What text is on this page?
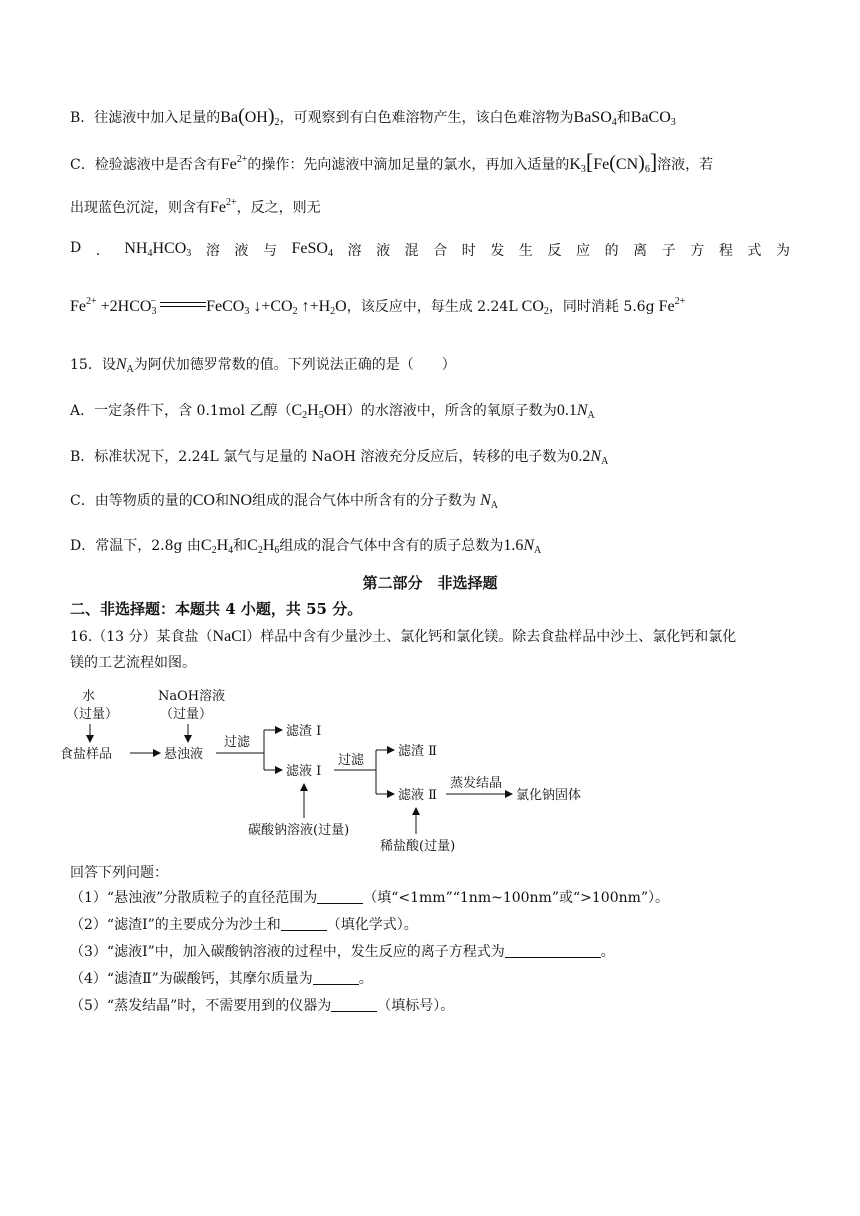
B．往滤液中加入足量的$Ba(OH)_2$，可观察到有白色难溶物产生，该白色难溶物为BaSO$_4$和BaCO$_3$
C．检验滤液中是否含有$Fe^{2+}$的操作：先向滤液中滴加足量的氯水，再加入适量的$K_3[Fe(CN)_6]$溶液，若
出现蓝色沉淀，则含有$Fe^{2+}$，反之，则无
D ． $NH_4HCO_3$ 溶 液 与 FeSO$_4$ 溶 液 混 合 时 发 生 反 应 的 离 子 方 程 式 为
$Fe^{2+} +2HCO_3^-$	FeCO$_3$ $↓+CO_2$ $↑+H_2O$，该反应中，每生成 2.24L $CO_2$，同时消耗 5.6g $Fe^{2+}$
15．设$N_A$为阿伏加德罗常数的值。下列说法正确的是（　　）
A．一定条件下，含 0.1mol 乙醇$(C_2H_5OH)$的水溶液中，所含的氧原子数为$0.1N_A$
B．标准状况下，2.24L 氯气与足量的 NaOH 溶液充分反应后，转移的电子数为$0.2N_A$
C．由等物质的量的CO和NO组成的混合气体中所含有的分子数为 $N_A$
D．常温下，2.8g 由$C_2H_4$和$C_2H_6$组成的混合气体中含有的质子总数为$1.6N_A$
第二部分　非选择题
二、非选择题：本题共 4 小题，共 55 分。
16.（13 分）某食盐（NaCl）样品中含有少量沙土、氯化钙和氯化镁。除去食盐样品中沙土、氯化钙和氯化
镁的工艺流程如图。
水
（过量）
NaOH溶液
（过量）
食盐样品	悬浊液
过滤
滤渣 Ⅰ
滤液 Ⅰ
碳酸钠溶液(过量)
过滤
滤渣 Ⅱ
滤液 Ⅱ
稀盐酸(过量)
蒸发结晶
氯化钠固体
回答下列问题：
（1）“悬浊液”分散质粒子的直径范围为	（填“<1mm”“1nm~100nm”或“>100nm”）。
（2）“滤渣Ⅰ”的主要成分为沙土和	（填化学式）。
（3）“滤液Ⅰ”中，加入碳酸钠溶液的过程中，发生反应的离子方程式为	。
（4）“滤渣Ⅱ”为碳酸钙，其摩尔质量为	。
（5）“蒸发结晶”时，不需要用到的仪器为	（填标号）。
